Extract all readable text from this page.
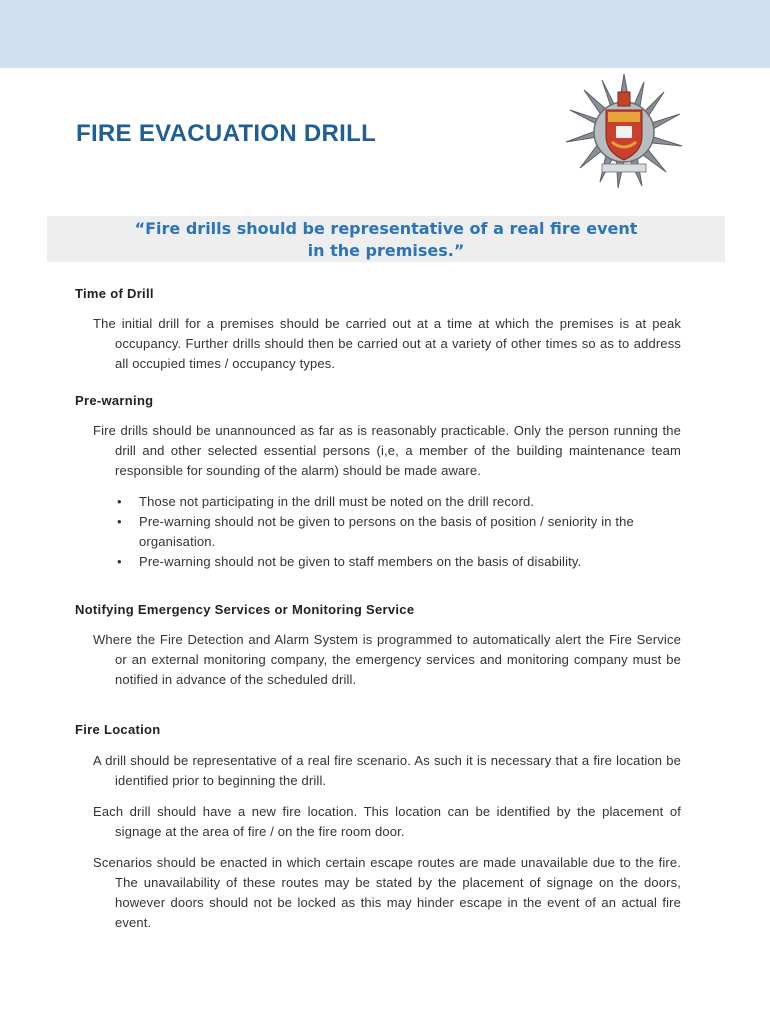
FIRE EVACUATION DRILL
“Fire drills should be representative of a real fire event
in the premises.”
Time of Drill

The initial drill for a premises should be carried out at a time at which the premises is at peak occupancy. Further drills should then be carried out at a variety of other times so as to address all occupied times / occupancy types.

Pre-warning

Fire drills should be unannounced as far as is reasonably practicable. Only the person running the drill and other selected essential persons (i,e, a member of the building maintenance team responsible for sounding of the alarm) should be made aware.

• Those not participating in the drill must be noted on the drill record.
• Pre-warning should not be given to persons on the basis of position / seniority in the organisation.
• Pre-warning should not be given to staff members on the basis of disability.
Notifying Emergency Services or Monitoring Service

Where the Fire Detection and Alarm System is programmed to automatically alert the Fire Service or an external monitoring company, the emergency services and monitoring company must be notified in advance of the scheduled drill.

Fire Location

A drill should be representative of a real fire scenario. As such it is necessary that a fire location be identified prior to beginning the drill.

Each drill should have a new fire location. This location can be identified by the placement of signage at the area of fire / on the fire room door.

Scenarios should be enacted in which certain escape routes are made unavailable due to the fire. The unavailability of these routes may be stated by the placement of signage on the doors, however doors should not be locked as this may hinder escape in the event of an actual fire event.
